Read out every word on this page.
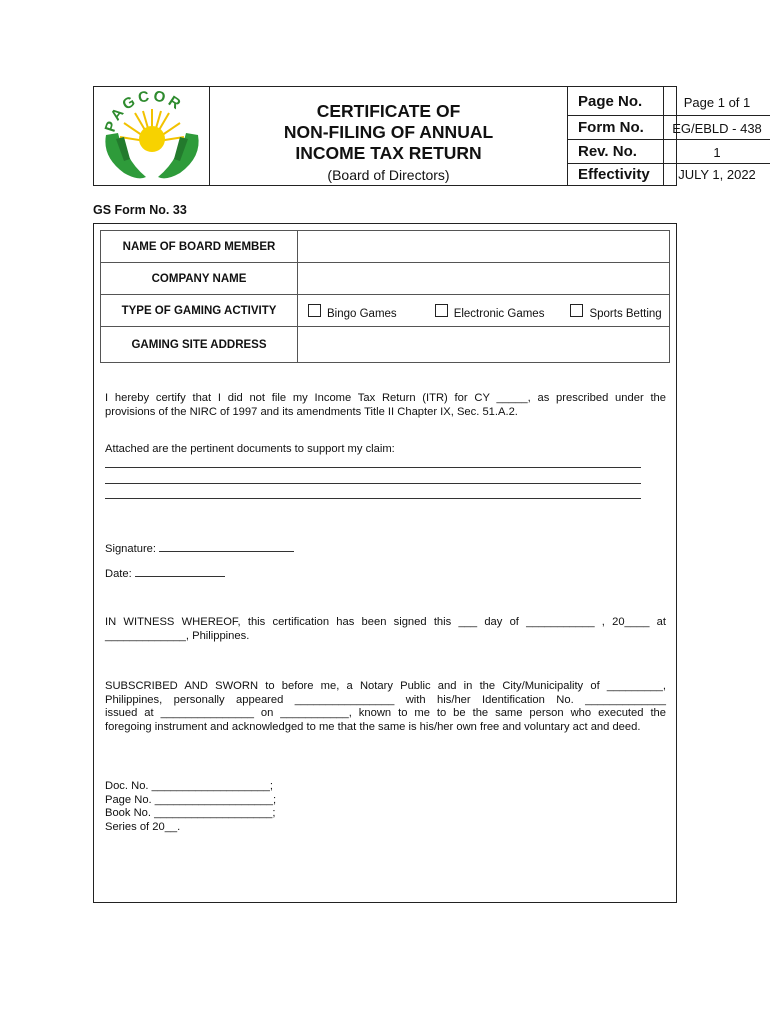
PAGCOR	CERTIFICATE OF
NON-FILING OF ANNUAL
INCOME TAX RETURN
(Board of Directors)
Page No.	Page 1 of 1
Form No.	EG/EBLD - 438
Rev. No.	1
Effectivity	JULY 1, 2022
GS Form No. 33
NAME OF BOARD MEMBER	
COMPANY NAME	
TYPE OF GAMING ACTIVITY	Bingo Games Electronic Games Sports Betting

GAMING SITE ADDRESS	
I hereby certify that I did not file my Income Tax Return (ITR) for CY _____, as prescribed under the
provisions of the NIRC of 1997 and its amendments Title II Chapter IX, Sec. 51.A.2.
Attached are the pertinent documents to support my claim:
Signature:
Date:
IN WITNESS WHEREOF, this certification has been signed this ___ day of ___________ , 20____ at
_____________, Philippines.
SUBSCRIBED AND SWORN to before me, a Notary Public and in the City/Municipality of _________,
Philippines, personally appeared ________________ with his/her Identification No. _____________
issued at _______________ on ___________, known to me to be the same person who executed the
foregoing instrument and acknowledged to me that the same is his/her own free and voluntary act and deed.
Doc. No. ___________________;
Page No. ___________________;
Book No. ___________________;
Series of 20__.
